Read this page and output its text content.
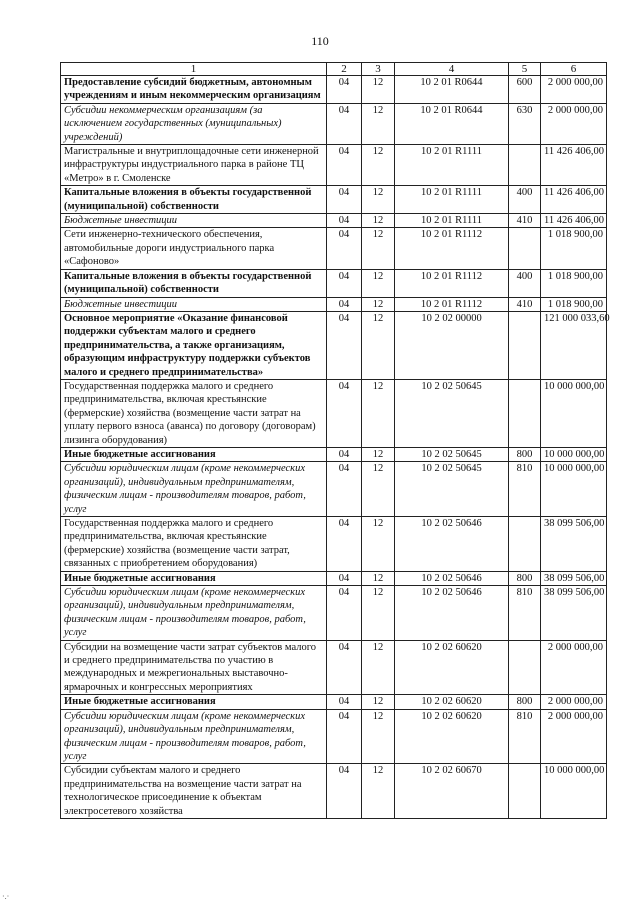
110
1	2	3	4	5	6
Предоставление субсидий бюджетным, автономным учреждениям и иным некоммерческим организациям	04	12	10 2 01 R0644	600	2 000 000,00
Субсидии некоммерческим организациям (за исключением государственных (муниципальных) учреждений)	04	12	10 2 01 R0644	630	2 000 000,00
Магистральные и внутриплощадочные сети инженерной инфраструктуры индустриального парка в районе ТЦ «Метро» в г. Смоленске	04	12	10 2 01 R1111		11 426 406,00
Капитальные вложения в объекты государственной (муниципальной) собственности	04	12	10 2 01 R1111	400	11 426 406,00
Бюджетные инвестиции	04	12	10 2 01 R1111	410	11 426 406,00
Сети инженерно-технического обеспечения, автомобильные дороги индустриального парка «Сафоново»	04	12	10 2 01 R1112		1 018 900,00
Капитальные вложения в объекты государственной (муниципальной) собственности	04	12	10 2 01 R1112	400	1 018 900,00
Бюджетные инвестиции	04	12	10 2 01 R1112	410	1 018 900,00
Основное мероприятие «Оказание финансовой поддержки субъектам малого и среднего предпринимательства, а также организациям, образующим инфраструктуру поддержки субъектов малого и среднего предпринимательства»	04	12	10 2 02 00000		121 000 033,60
Государственная поддержка малого и среднего предпринимательства, включая крестьянские (фермерские) хозяйства (возмещение части затрат на уплату первого взноса (аванса) по договору (договорам) лизинга оборудования)	04	12	10 2 02 50645		10 000 000,00
Иные бюджетные ассигнования	04	12	10 2 02 50645	800	10 000 000,00
Субсидии юридическим лицам (кроме некоммерческих организаций), индивидуальным предпринимателям, физическим лицам - производителям товаров, работ, услуг	04	12	10 2 02 50645	810	10 000 000,00
Государственная поддержка малого и среднего предпринимательства, включая крестьянские (фермерские) хозяйства (возмещение части затрат, связанных с приобретением оборудования)	04	12	10 2 02 50646		38 099 506,00
Иные бюджетные ассигнования	04	12	10 2 02 50646	800	38 099 506,00
Субсидии юридическим лицам (кроме некоммерческих организаций), индивидуальным предпринимателям, физическим лицам - производителям товаров, работ, услуг	04	12	10 2 02 50646	810	38 099 506,00
Субсидии на возмещение части затрат субъектов малого и среднего предпринимательства по участию в международных и межрегиональных выставочно-ярмарочных и конгрессных мероприятиях	04	12	10 2 02 60620		2 000 000,00
Иные бюджетные ассигнования	04	12	10 2 02 60620	800	2 000 000,00
Субсидии юридическим лицам (кроме некоммерческих организаций), индивидуальным предпринимателям, физическим лицам - производителям товаров, работ, услуг	04	12	10 2 02 60620	810	2 000 000,00
Субсидии субъектам малого и среднего предпринимательства на возмещение части затрат на технологическое присоединение к объектам электросетевого хозяйства	04	12	10 2 02 60670		10 000 000,00
·.·
